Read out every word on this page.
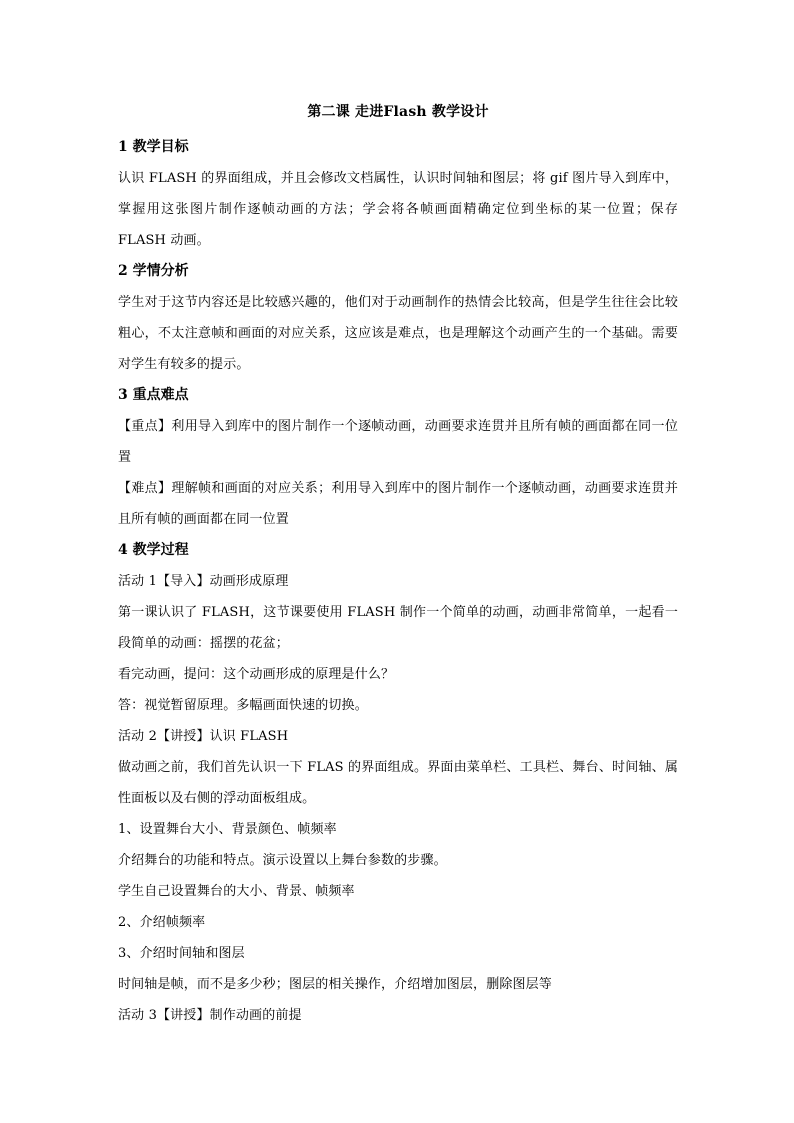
第二课 走进Flash 教学设计
1 教学目标

认识 FLASH 的界面组成，并且会修改文档属性，认识时间轴和图层；将 gif 图片导入到库中，掌握用这张图片制作逐帧动画的方法；学会将各帧画面精确定位到坐标的某一位置；保存 FLASH 动画。

2 学情分析

学生对于这节内容还是比较感兴趣的，他们对于动画制作的热情会比较高，但是学生往往会比较粗心，不太注意帧和画面的对应关系，这应该是难点，也是理解这个动画产生的一个基础。需要对学生有较多的提示。

3 重点难点

【重点】利用导入到库中的图片制作一个逐帧动画，动画要求连贯并且所有帧的画面都在同一位置

【难点】理解帧和画面的对应关系；利用导入到库中的图片制作一个逐帧动画，动画要求连贯并且所有帧的画面都在同一位置

4 教学过程

活动 1【导入】动画形成原理

第一课认识了 FLASH，这节课要使用 FLASH 制作一个简单的动画，动画非常简单，一起看一段简单的动画：摇摆的花盆；

看完动画，提问：这个动画形成的原理是什么？

答：视觉暂留原理。多幅画面快速的切换。

活动 2【讲授】认识 FLASH

做动画之前，我们首先认识一下 FLAS 的界面组成。界面由菜单栏、工具栏、舞台、时间轴、属性面板以及右侧的浮动面板组成。

1、设置舞台大小、背景颜色、帧频率

介绍舞台的功能和特点。演示设置以上舞台参数的步骤。

学生自己设置舞台的大小、背景、帧频率

2、介绍帧频率

3、介绍时间轴和图层

时间轴是帧，而不是多少秒；图层的相关操作，介绍增加图层，删除图层等

活动 3【讲授】制作动画的前提
